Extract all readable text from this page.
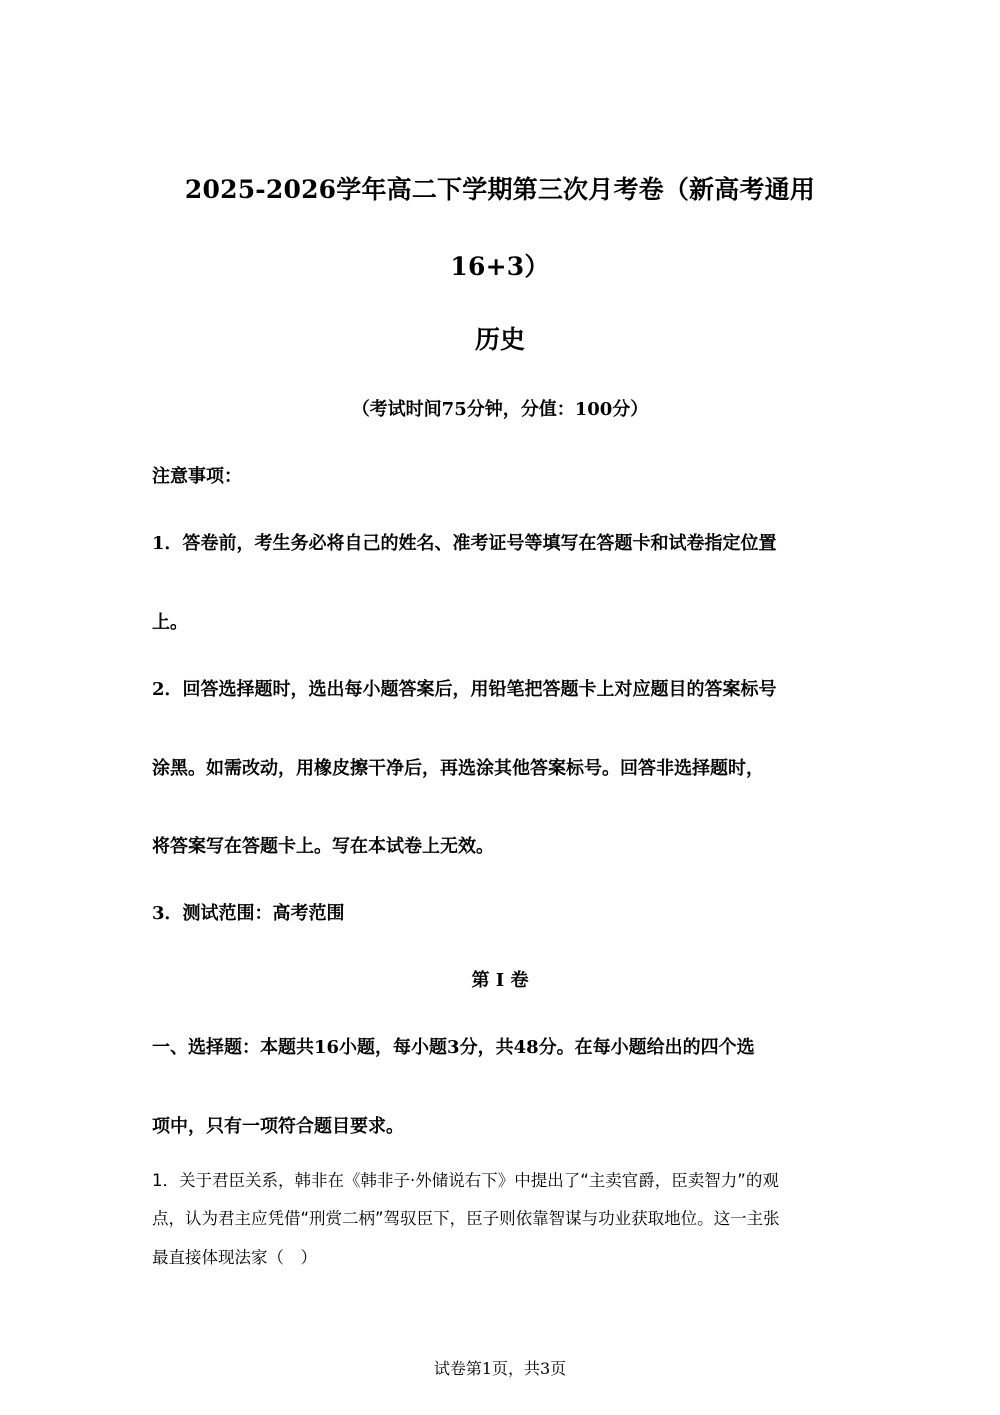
2025-2026学年高二下学期第三次月考卷（新高考通用
16+3）
历史
（考试时间75分钟，分值：100分）
注意事项：
1．答卷前，考生务必将自己的姓名、准考证号等填写在答题卡和试卷指定位置
上。
2．回答选择题时，选出每小题答案后，用铅笔把答题卡上对应题目的答案标号
涂黑。如需改动，用橡皮擦干净后，再选涂其他答案标号。回答非选择题时，
将答案写在答题卡上。写在本试卷上无效。
3．测试范围：高考范围
第 I 卷
一、选择题：本题共16小题，每小题3分，共48分。在每小题给出的四个选
项中，只有一项符合题目要求。
1．关于君臣关系，韩非在《韩非子·外储说右下》中提出了“主卖官爵，臣卖智力”的观
点，认为君主应凭借“刑赏二柄”驾驭臣下，臣子则依靠智谋与功业获取地位。这一主张
最直接体现法家（　）
试卷第1页，共3页
